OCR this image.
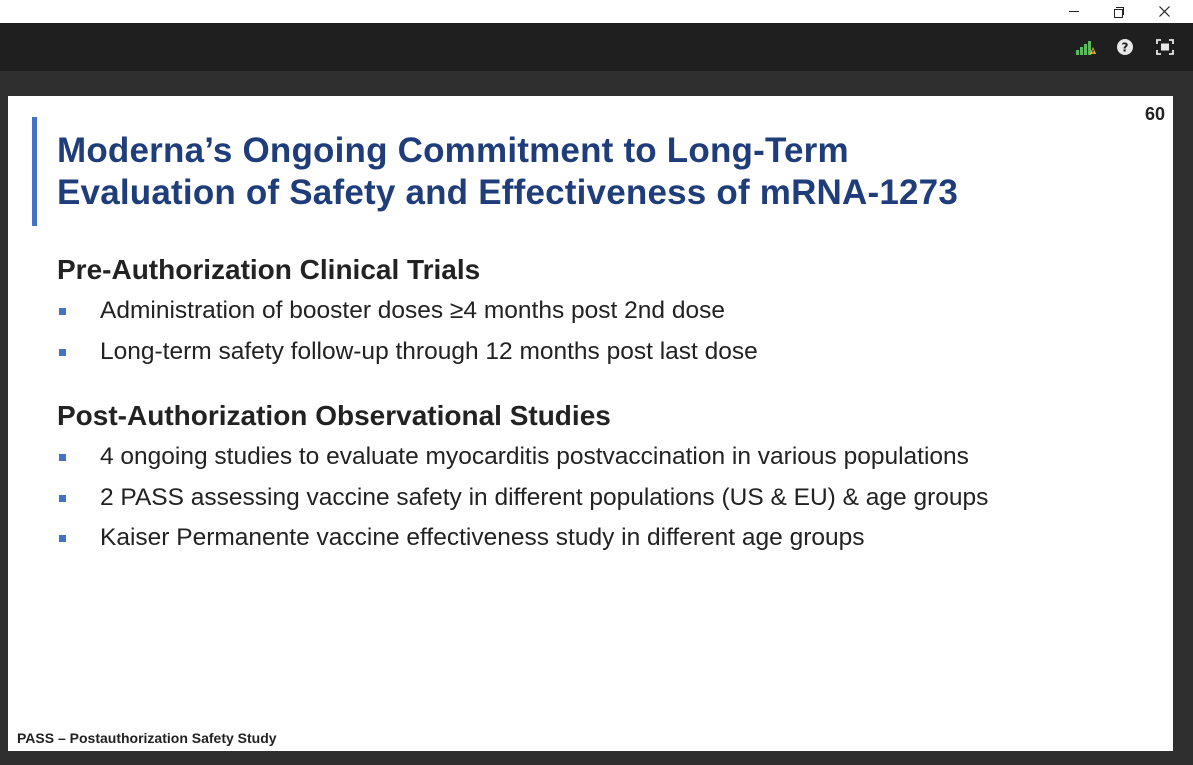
?
60
Moderna’s Ongoing Commitment to Long-Term
Evaluation of Safety and Effectiveness of mRNA-1273
Pre-Authorization Clinical Trials
Administration of booster doses ≥4 months post 2nd dose
Long-term safety follow-up through 12 months post last dose
Post-Authorization Observational Studies
4 ongoing studies to evaluate myocarditis postvaccination in various populations
2 PASS assessing vaccine safety in different populations (US & EU) & age groups
Kaiser Permanente vaccine effectiveness study in different age groups
PASS – Postauthorization Safety Study
